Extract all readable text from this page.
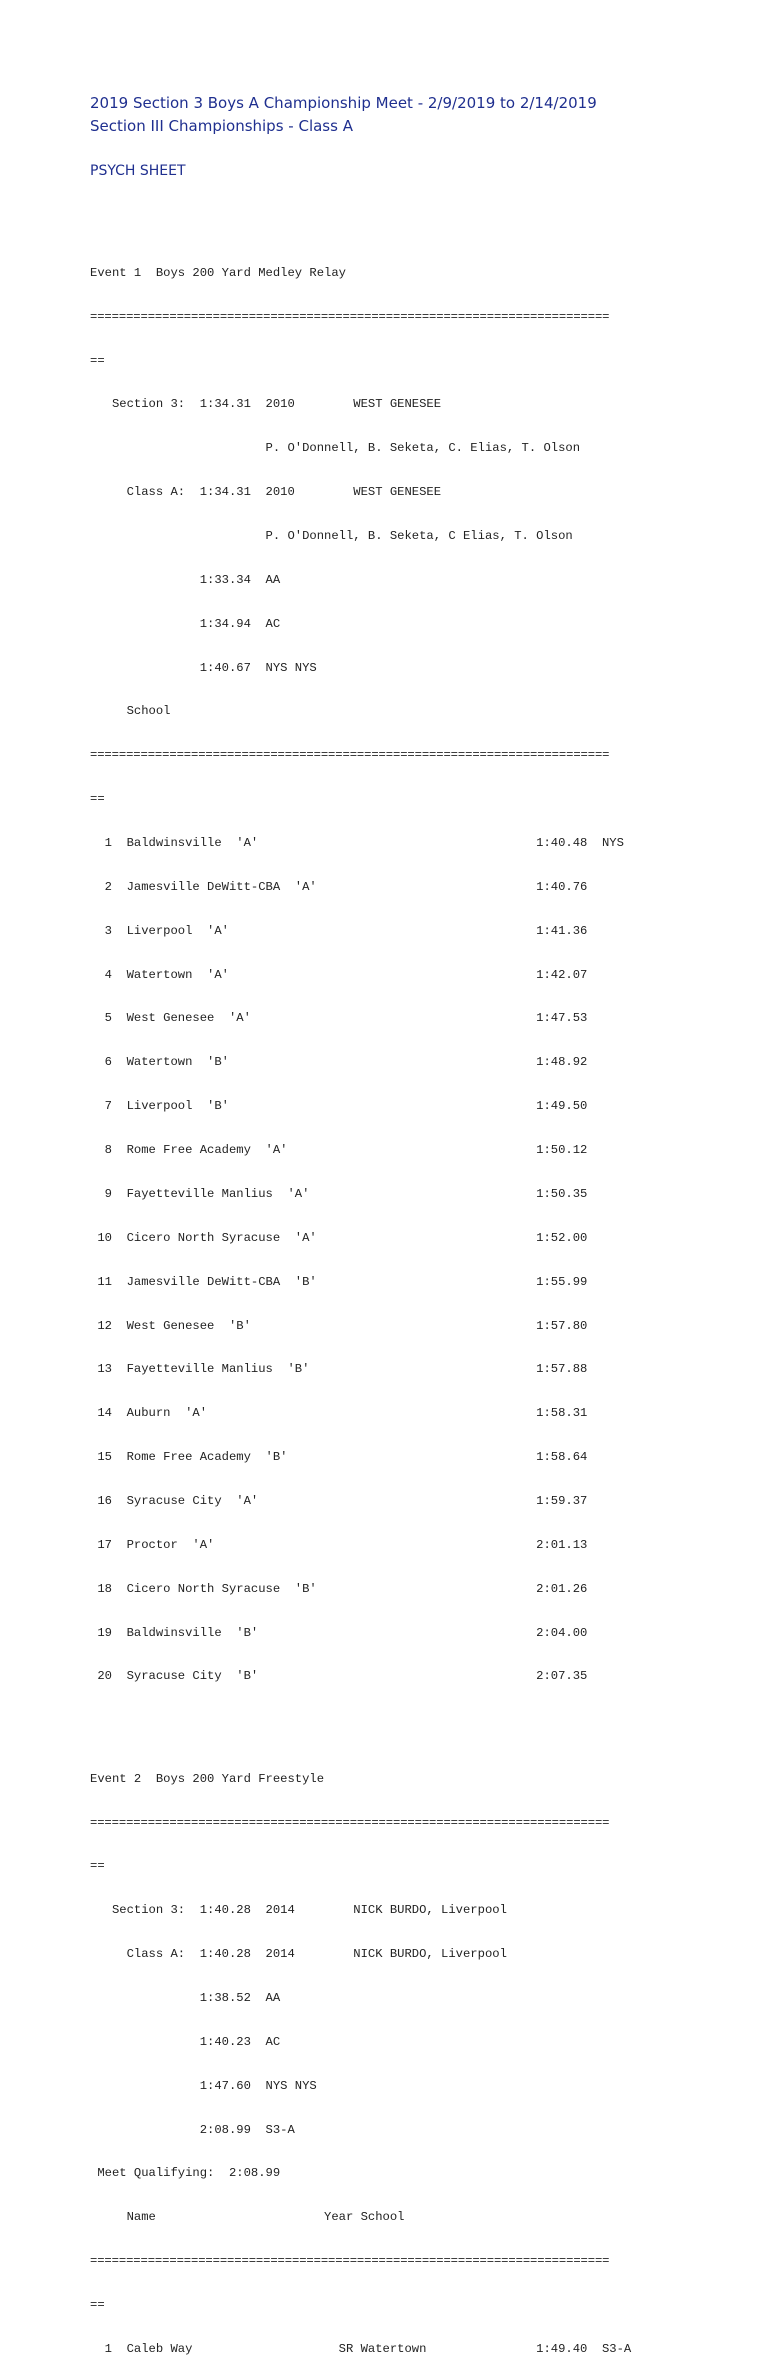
2019 Section 3 Boys A Championship Meet - 2/9/2019 to 2/14/2019
Section III Championships - Class A
PSYCH SHEET

Event 1  Boys 200 Yard Medley Relay

========================================================================

==

Section 3:  1:34.31  2010        WEST GENESEE

P. O'Donnell, B. Seketa, C. Elias, T. Olson

Class A:  1:34.31  2010        WEST GENESEE

P. O'Donnell, B. Seketa, C Elias, T. Olson

1:33.34  AA

1:34.94  AC

1:40.67  NYS NYS

School

========================================================================

==

1  Baldwinsville  'A'                                      1:40.48  NYS

2  Jamesville DeWitt-CBA  'A'                              1:40.76

3  Liverpool  'A'                                          1:41.36

4  Watertown  'A'                                          1:42.07

5  West Genesee  'A'                                       1:47.53

6  Watertown  'B'                                          1:48.92

7  Liverpool  'B'                                          1:49.50

8  Rome Free Academy  'A'                                  1:50.12

9  Fayetteville Manlius  'A'                               1:50.35

10  Cicero North Syracuse  'A'                              1:52.00

11  Jamesville DeWitt-CBA  'B'                              1:55.99

12  West Genesee  'B'                                       1:57.80

13  Fayetteville Manlius  'B'                               1:57.88

14  Auburn  'A'                                             1:58.31

15  Rome Free Academy  'B'                                  1:58.64

16  Syracuse City  'A'                                      1:59.37

17  Proctor  'A'                                            2:01.13

18  Cicero North Syracuse  'B'                              2:01.26

19  Baldwinsville  'B'                                      2:04.00

20  Syracuse City  'B'                                      2:07.35

Event 2  Boys 200 Yard Freestyle

========================================================================

==

Section 3:  1:40.28  2014        NICK BURDO, Liverpool

Class A:  1:40.28  2014        NICK BURDO, Liverpool

1:38.52  AA

1:40.23  AC

1:47.60  NYS NYS

2:08.99  S3-A

Meet Qualifying:  2:08.99

Name                       Year School

========================================================================

==

1  Caleb Way                    SR Watertown               1:49.40  S3-A
